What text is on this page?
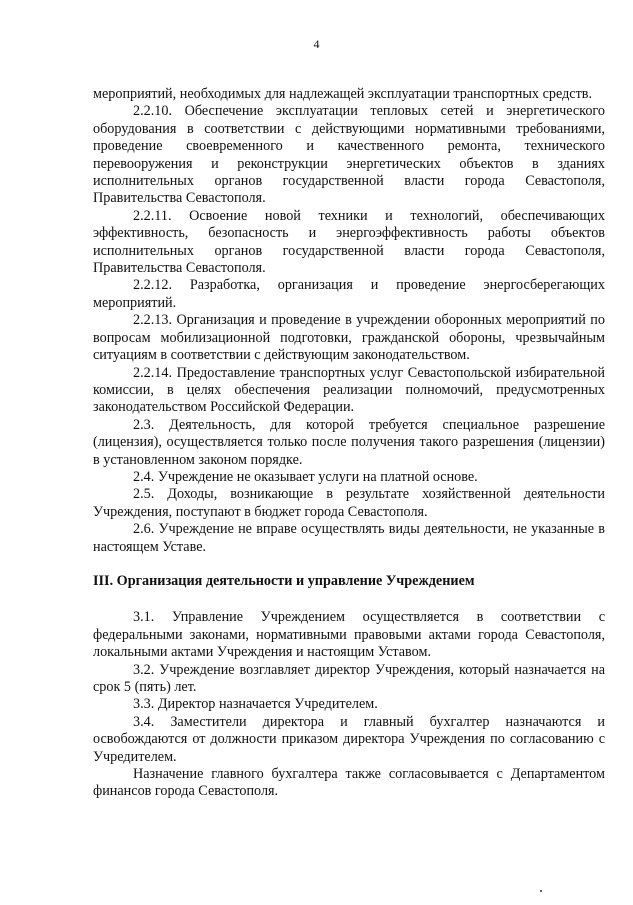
4

мероприятий, необходимых для надлежащей эксплуатации транспортных средств.

2.2.10. Обеспечение эксплуатации тепловых сетей и энергетического оборудования в соответствии с действующими нормативными требованиями, проведение своевременного и качественного ремонта, технического перевооружения и реконструкции энергетических объектов в зданиях исполнительных органов государственной власти города Севастополя, Правительства Севастополя.

2.2.11. Освоение новой техники и технологий, обеспечивающих эффективность, безопасность и энергоэффективность работы объектов исполнительных органов государственной власти города Севастополя, Правительства Севастополя.

2.2.12. Разработка, организация и проведение энергосберегающих мероприятий.

2.2.13. Организация и проведение в учреждении оборонных мероприятий по вопросам мобилизационной подготовки, гражданской обороны, чрезвычайным ситуациям в соответствии с действующим законодательством.

2.2.14. Предоставление транспортных услуг Севастопольской избирательной комиссии, в целях обеспечения реализации полномочий, предусмотренных законодательством Российской Федерации.

2.3. Деятельность, для которой требуется специальное разрешение (лицензия), осуществляется только после получения такого разрешения (лицензии) в установленном законом порядке.

2.4. Учреждение не оказывает услуги на платной основе.

2.5. Доходы, возникающие в результате хозяйственной деятельности Учреждения, поступают в бюджет города Севастополя.

2.6. Учреждение не вправе осуществлять виды деятельности, не указанные в настоящем Уставе.

III. Организация деятельности и управление Учреждением

3.1. Управление Учреждением осуществляется в соответствии с федеральными законами, нормативными правовыми актами города Севастополя, локальными актами Учреждения и настоящим Уставом.

3.2. Учреждение возглавляет директор Учреждения, который назначается на срок 5 (пять) лет.

3.3. Директор назначается Учредителем.

3.4. Заместители директора и главный бухгалтер назначаются и освобождаются от должности приказом директора Учреждения по согласованию с Учредителем.

Назначение главного бухгалтера также согласовывается с Департаментом финансов города Севастополя.
